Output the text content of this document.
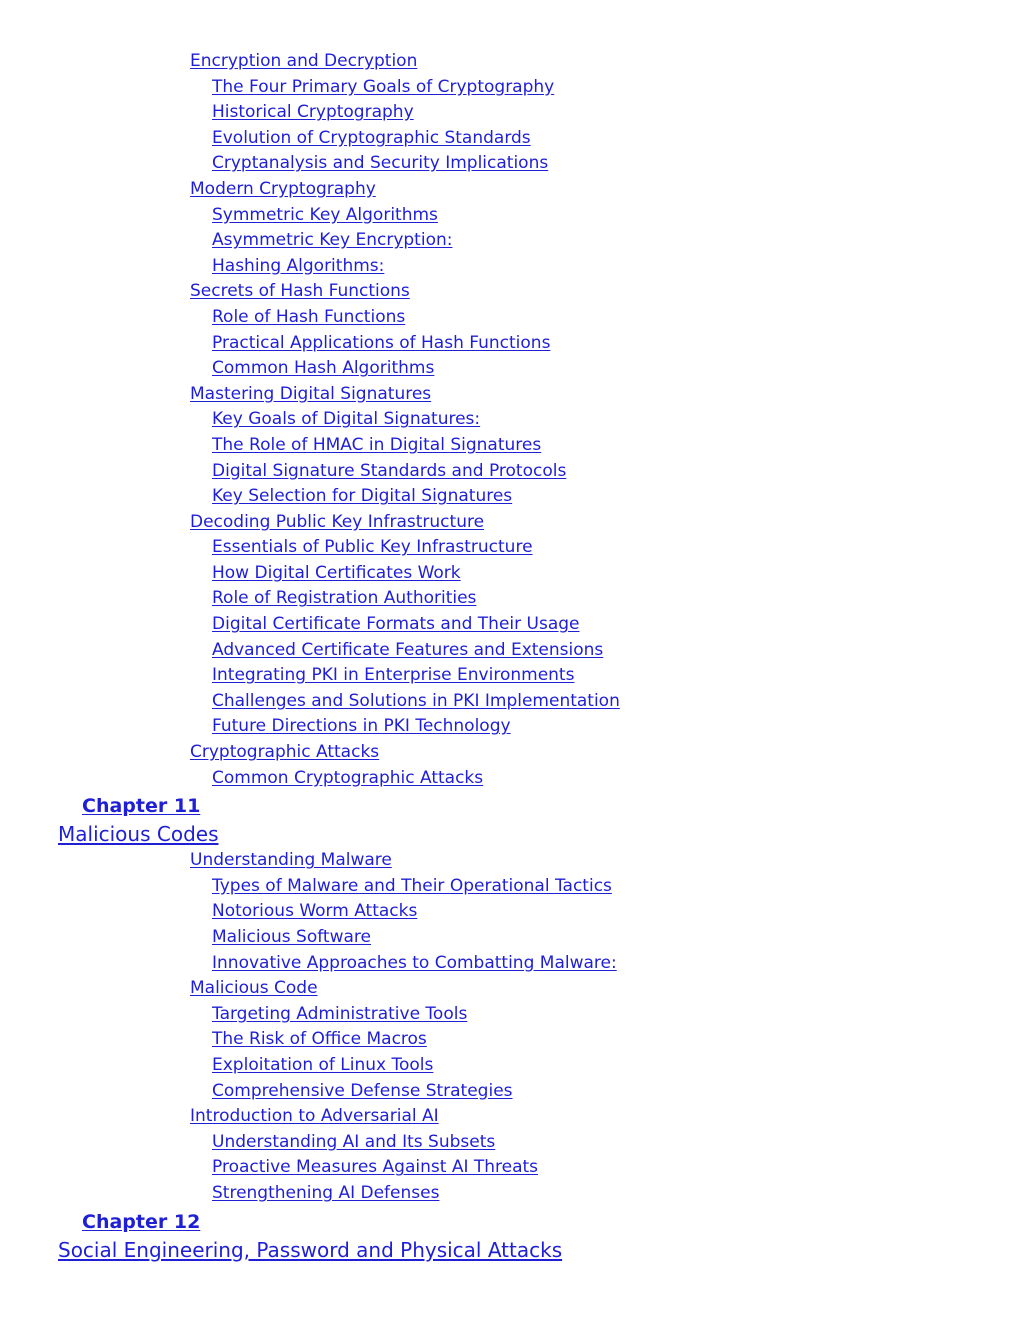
Encryption and Decryption
The Four Primary Goals of Cryptography
Historical Cryptography
Evolution of Cryptographic Standards
Cryptanalysis and Security Implications
Modern Cryptography
Symmetric Key Algorithms
Asymmetric Key Encryption:
Hashing Algorithms:
Secrets of Hash Functions
Role of Hash Functions
Practical Applications of Hash Functions
Common Hash Algorithms
Mastering Digital Signatures
Key Goals of Digital Signatures:
The Role of HMAC in Digital Signatures
Digital Signature Standards and Protocols
Key Selection for Digital Signatures
Decoding Public Key Infrastructure
Essentials of Public Key Infrastructure
How Digital Certificates Work
Role of Registration Authorities
Digital Certificate Formats and Their Usage
Advanced Certificate Features and Extensions
Integrating PKI in Enterprise Environments
Challenges and Solutions in PKI Implementation
Future Directions in PKI Technology
Cryptographic Attacks
Common Cryptographic Attacks
Chapter 11
Malicious Codes
Understanding Malware
Types of Malware and Their Operational Tactics
Notorious Worm Attacks
Malicious Software
Innovative Approaches to Combatting Malware:
Malicious Code
Targeting Administrative Tools
The Risk of Office Macros
Exploitation of Linux Tools
Comprehensive Defense Strategies
Introduction to Adversarial AI
Understanding AI and Its Subsets
Proactive Measures Against AI Threats
Strengthening AI Defenses
Chapter 12
Social Engineering, Password and Physical Attacks
